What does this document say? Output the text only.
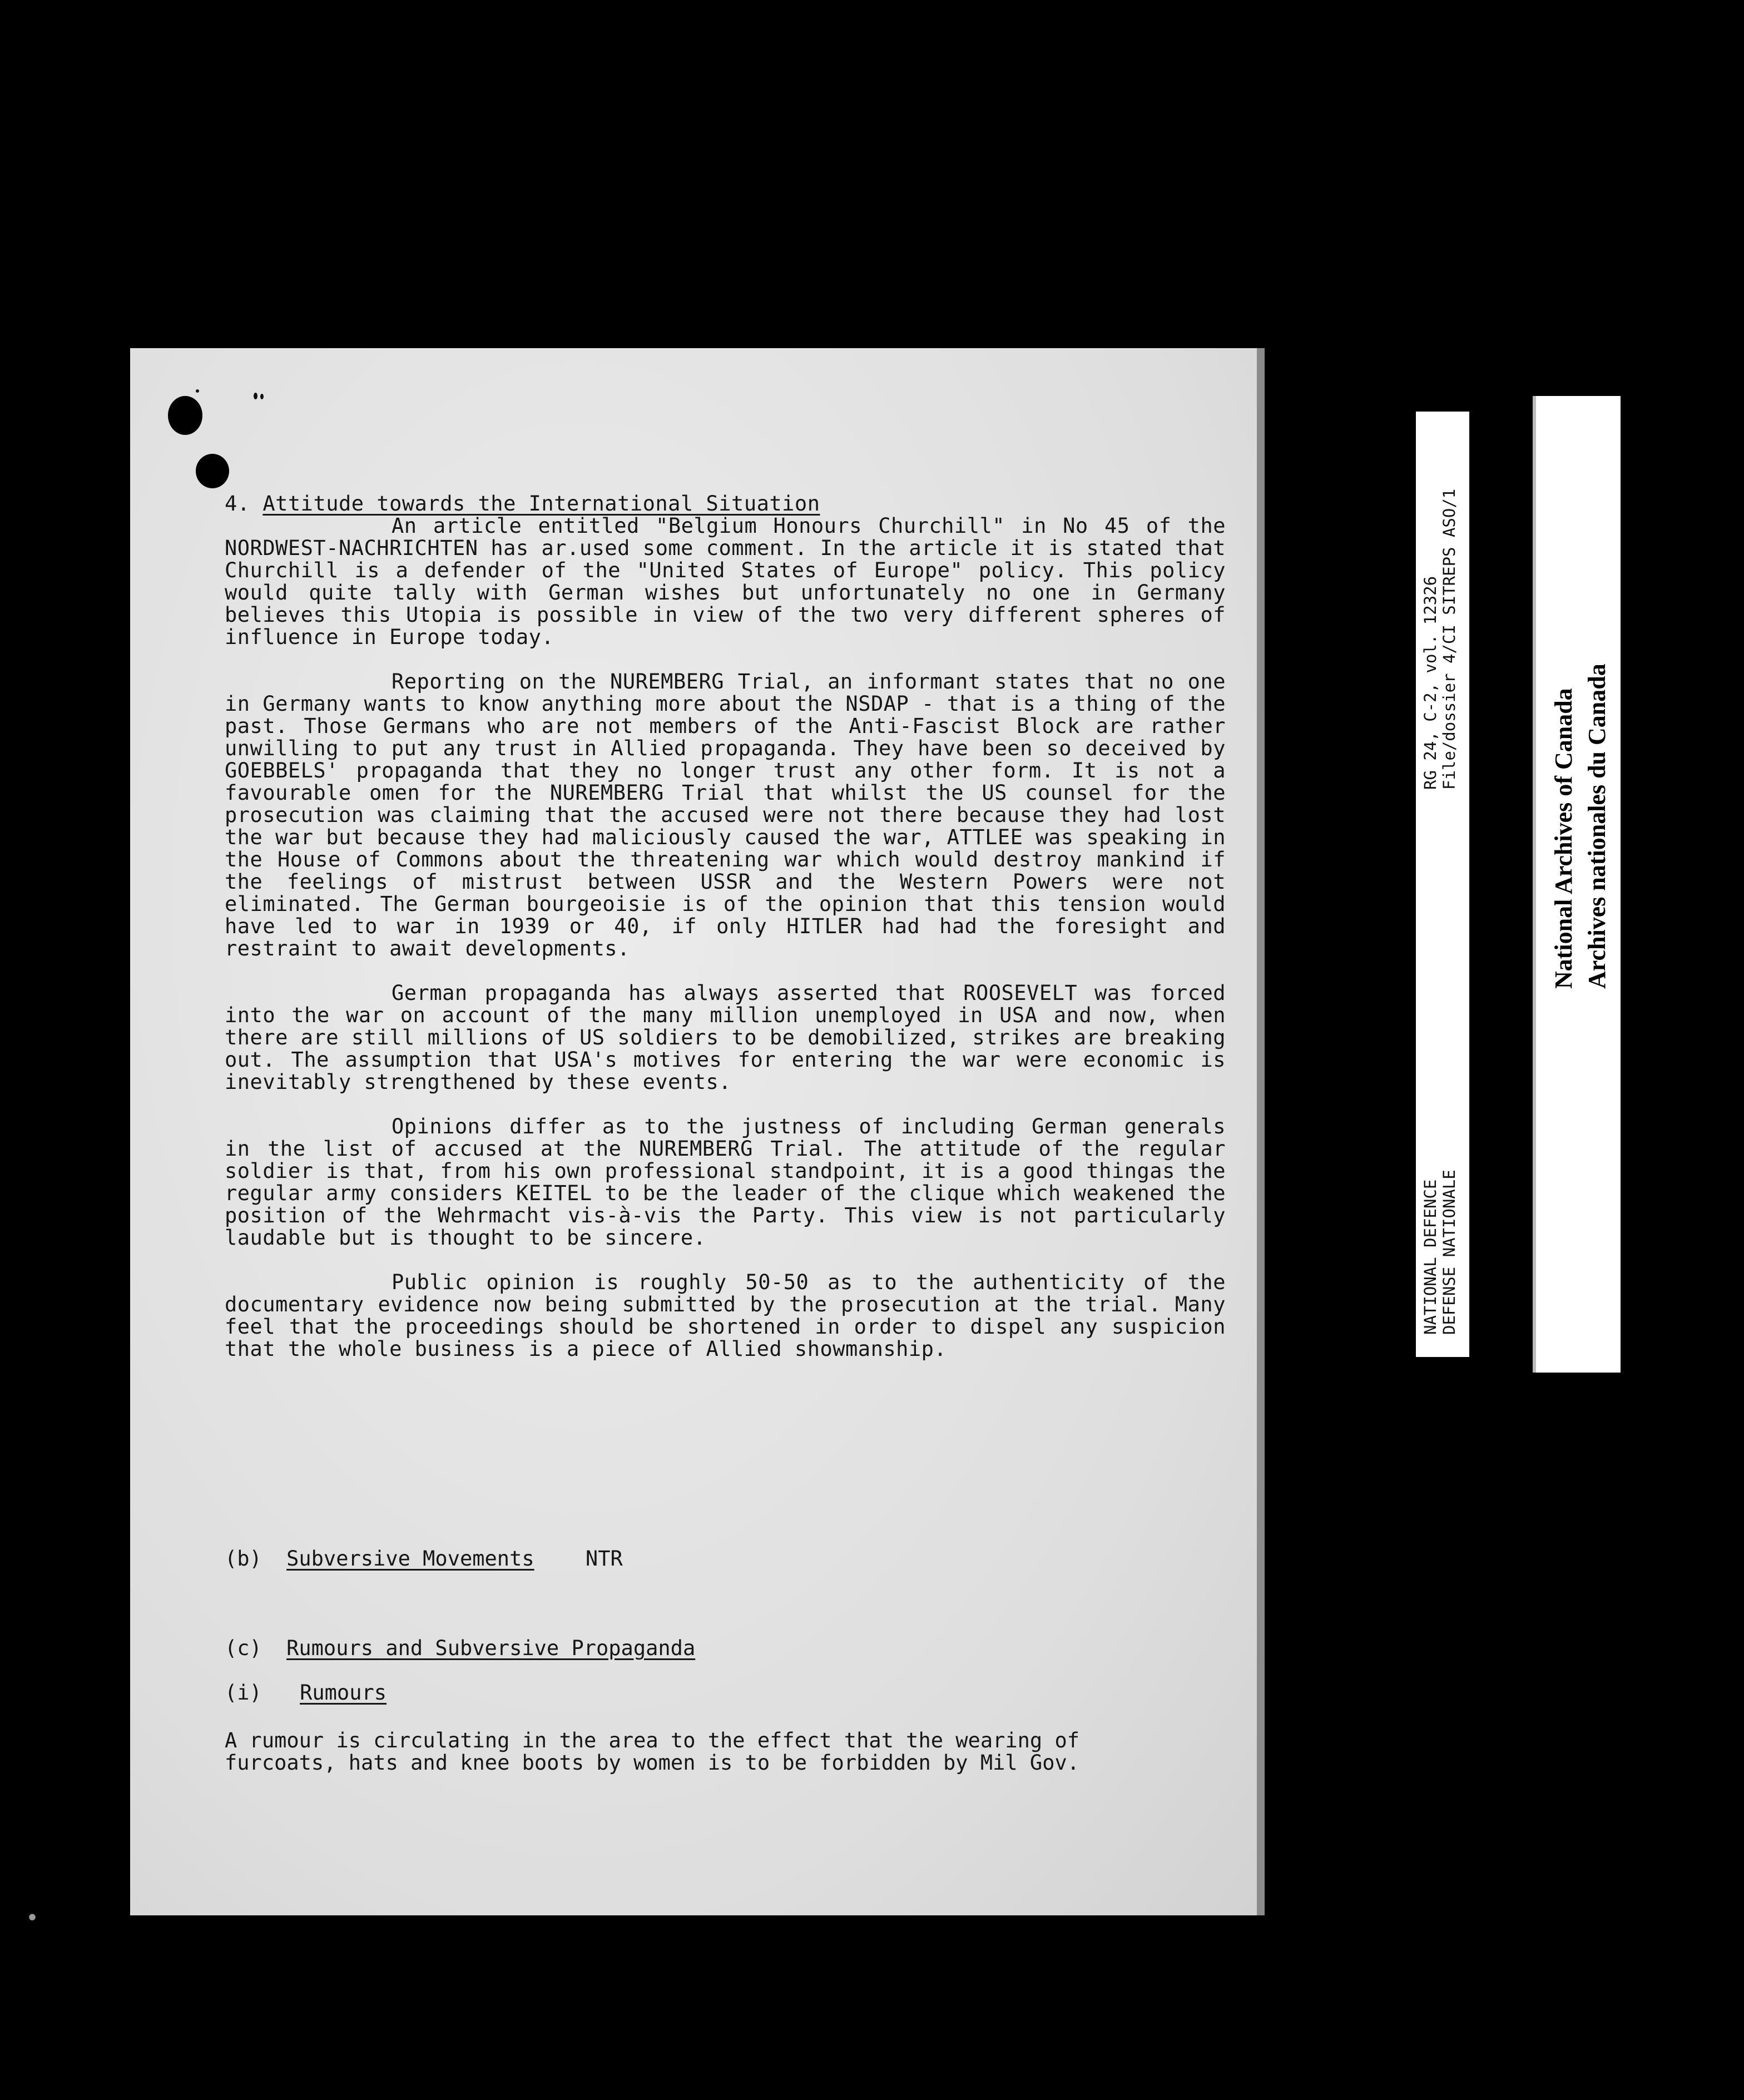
4. Attitude towards the International Situation

An article entitled "Belgium Honours Churchill" in No 45 of the NORDWEST-NACHRICHTEN has ar.used some comment. In the article it is stated that Churchill is a defender of the "United States of Europe" policy. This policy would quite tally with German wishes but unfortunately no one in Germany believes this Utopia is possible in view of the two very different spheres of influence in Europe today.

Reporting on the NUREMBERG Trial, an informant states that no one in Germany wants to know anything more about the NSDAP - that is a thing of the past. Those Germans who are not members of the Anti-Fascist Block are rather unwilling to put any trust in Allied propaganda. They have been so deceived by GOEBBELS' propaganda that they no longer trust any other form. It is not a favourable omen for the NUREMBERG Trial that whilst the US counsel for the prosecution was claiming that the accused were not there because they had lost the war but because they had maliciously caused the war, ATTLEE was speaking in the House of Commons about the threatening war which would destroy mankind if the feelings of mistrust between USSR and the Western Powers were not eliminated. The German bourgeoisie is of the opinion that this tension would have led to war in 1939 or 40, if only HITLER had had the foresight and restraint to await developments.

German propaganda has always asserted that ROOSEVELT was forced into the war on account of the many million unemployed in USA and now, when there are still millions of US soldiers to be demobilized, strikes are breaking out. The assumption that USA's motives for entering the war were economic is inevitably strengthened by these events.

Opinions differ as to the justness of including German generals in the list of accused at the NUREMBERG Trial. The attitude of the regular soldier is that, from his own professional standpoint, it is a good thingas the regular army considers KEITEL to be the leader of the clique which weakened the position of the Wehrmacht vis-à-vis the Party. This view is not particularly laudable but is thought to be sincere.

Public opinion is roughly 50-50 as to the authenticity of the documentary evidence now being submitted by the prosecution at the trial. Many feel that the proceedings should be shortened in order to dispel any suspicion that the whole business is a piece of Allied showmanship.

(b) Subversive Movements NTR
(c) Rumours and Subversive Propaganda
(i) Rumours

A rumour is circulating in the area to the effect that the wearing of furcoats, hats and knee boots by women is to be forbidden by Mil Gov.

NATIONAL DEFENCE DEFENSE NATIONALE
RG 24, C-2, vol. 12326 File/dossier 4/CI SITREPS ASO/1
National Archives of Canada Archives nationales du Canada
•
